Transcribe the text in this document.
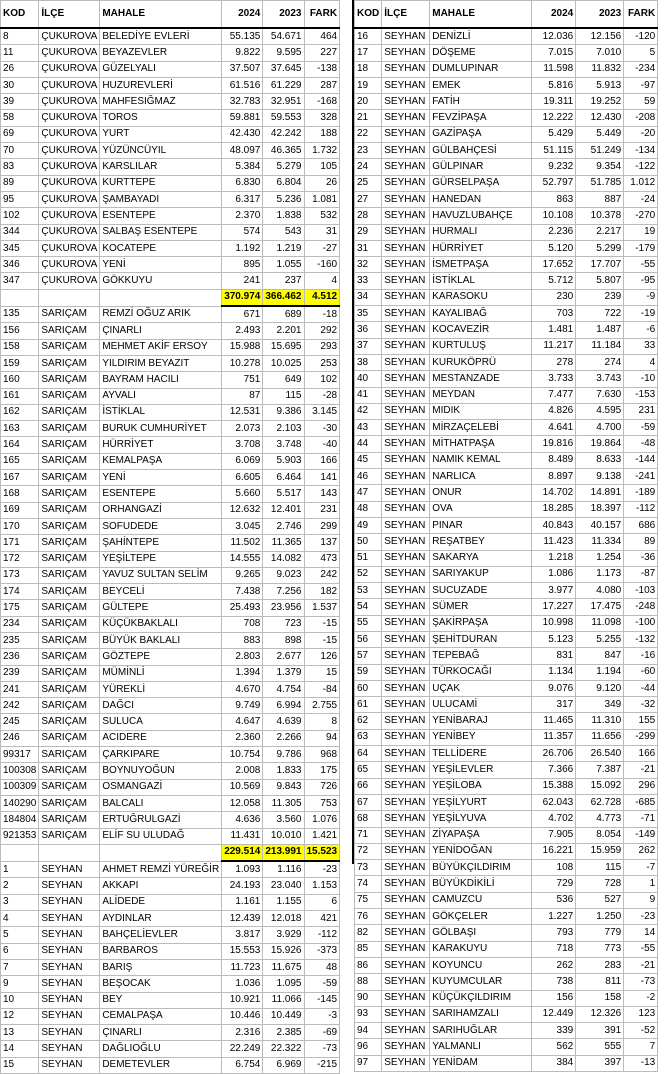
KOD	İLÇE	MAHALE	2024	2023	FARK
8	ÇUKUROVA	BELEDİYE EVLERİ	55.135	54.671	464
11	ÇUKUROVA	BEYAZEVLER	9.822	9.595	227
26	ÇUKUROVA	GÜZELYALI	37.507	37.645	-138
30	ÇUKUROVA	HUZUREVLERİ	61.516	61.229	287
39	ÇUKUROVA	MAHFESIĞMAZ	32.783	32.951	-168
58	ÇUKUROVA	TOROS	59.881	59.553	328
69	ÇUKUROVA	YURT	42.430	42.242	188
70	ÇUKUROVA	YÜZÜNCÜYIL	48.097	46.365	1.732
83	ÇUKUROVA	KARSLILAR	5.384	5.279	105
89	ÇUKUROVA	KURTTEPE	6.830	6.804	26
95	ÇUKUROVA	ŞAMBAYADI	6.317	5.236	1.081
102	ÇUKUROVA	ESENTEPE	2.370	1.838	532
344	ÇUKUROVA	SALBAŞ ESENTEPE	574	543	31
345	ÇUKUROVA	KOCATEPE	1.192	1.219	-27
346	ÇUKUROVA	YENİ	895	1.055	-160
347	ÇUKUROVA	GÖKKUYU	241	237	4
			370.974	366.462	4.512
135	SARIÇAM	REMZİ OĞUZ ARIK	671	689	-18
156	SARIÇAM	ÇINARLI	2.493	2.201	292
158	SARIÇAM	MEHMET AKİF ERSOY	15.988	15.695	293
159	SARIÇAM	YILDIRIM BEYAZIT	10.278	10.025	253
160	SARIÇAM	BAYRAM HACILI	751	649	102
161	SARIÇAM	AYVALI	87	115	-28
162	SARIÇAM	İSTİKLAL	12.531	9.386	3.145
163	SARIÇAM	BURUK CUMHURİYET	2.073	2.103	-30
164	SARIÇAM	HÜRRİYET	3.708	3.748	-40
165	SARIÇAM	KEMALPAŞA	6.069	5.903	166
167	SARIÇAM	YENİ	6.605	6.464	141
168	SARIÇAM	ESENTEPE	5.660	5.517	143
169	SARIÇAM	ORHANGAZİ	12.632	12.401	231
170	SARIÇAM	SOFUDEDE	3.045	2.746	299
171	SARIÇAM	ŞAHİNTEPE	11.502	11.365	137
172	SARIÇAM	YEŞİLTEPE	14.555	14.082	473
173	SARIÇAM	YAVUZ SULTAN SELİM	9.265	9.023	242
174	SARIÇAM	BEYCELİ	7.438	7.256	182
175	SARIÇAM	GÜLTEPE	25.493	23.956	1.537
234	SARIÇAM	KÜÇÜKBAKLALI	708	723	-15
235	SARIÇAM	BÜYÜK BAKLALI	883	898	-15
236	SARIÇAM	GÖZTEPE	2.803	2.677	126
239	SARIÇAM	MÜMİNLİ	1.394	1.379	15
241	SARIÇAM	YÜREKLİ	4.670	4.754	-84
242	SARIÇAM	DAĞCI	9.749	6.994	2.755
245	SARIÇAM	SULUCA	4.647	4.639	8
246	SARIÇAM	ACIDERE	2.360	2.266	94
99317	SARIÇAM	ÇARKIPARE	10.754	9.786	968
100308	SARIÇAM	BOYNUYOĞUN	2.008	1.833	175
100309	SARIÇAM	OSMANGAZİ	10.569	9.843	726
140290	SARIÇAM	BALCALI	12.058	11.305	753
184804	SARIÇAM	ERTUĞRULGAZİ	4.636	3.560	1.076
921353	SARIÇAM	ELİF SU ULUDAĞ	11.431	10.010	1.421
			229.514	213.991	15.523
1	SEYHAN	AHMET REMZİ YÜREĞİR	1.093	1.116	-23
2	SEYHAN	AKKAPI	24.193	23.040	1.153
3	SEYHAN	ALİDEDE	1.161	1.155	6
4	SEYHAN	AYDINLAR	12.439	12.018	421
5	SEYHAN	BAHÇELİEVLER	3.817	3.929	-112
6	SEYHAN	BARBAROS	15.553	15.926	-373
7	SEYHAN	BARIŞ	11.723	11.675	48
9	SEYHAN	BEŞOCAK	1.036	1.095	-59
10	SEYHAN	BEY	10.921	11.066	-145
12	SEYHAN	CEMALPAŞA	10.446	10.449	-3
13	SEYHAN	ÇINARLI	2.316	2.385	-69
14	SEYHAN	DAĞLIOĞLU	22.249	22.322	-73
15	SEYHAN	DEMETEVLER	6.754	6.969	-215
KOD	İLÇE	MAHALE	2024	2023	FARK
16	SEYHAN	DENİZLİ	12.036	12.156	-120
17	SEYHAN	DÖŞEME	7.015	7.010	5
18	SEYHAN	DUMLUPINAR	11.598	11.832	-234
19	SEYHAN	EMEK	5.816	5.913	-97
20	SEYHAN	FATİH	19.311	19.252	59
21	SEYHAN	FEVZİPAŞA	12.222	12.430	-208
22	SEYHAN	GAZİPAŞA	5.429	5.449	-20
23	SEYHAN	GÜLBAHÇESİ	51.115	51.249	-134
24	SEYHAN	GÜLPINAR	9.232	9.354	-122
25	SEYHAN	GÜRSELPAŞA	52.797	51.785	1.012
27	SEYHAN	HANEDAN	863	887	-24
28	SEYHAN	HAVUZLUBAHÇE	10.108	10.378	-270
29	SEYHAN	HURMALI	2.236	2.217	19
31	SEYHAN	HÜRRİYET	5.120	5.299	-179
32	SEYHAN	İSMETPAŞA	17.652	17.707	-55
33	SEYHAN	İSTİKLAL	5.712	5.807	-95
34	SEYHAN	KARASOKU	230	239	-9
35	SEYHAN	KAYALIBAĞ	703	722	-19
36	SEYHAN	KOCAVEZİR	1.481	1.487	-6
37	SEYHAN	KURTULUŞ	11.217	11.184	33
38	SEYHAN	KURUKÖPRÜ	278	274	4
40	SEYHAN	MESTANZADE	3.733	3.743	-10
41	SEYHAN	MEYDAN	7.477	7.630	-153
42	SEYHAN	MIDIK	4.826	4.595	231
43	SEYHAN	MİRZAÇELEBİ	4.641	4.700	-59
44	SEYHAN	MİTHATPAŞA	19.816	19.864	-48
45	SEYHAN	NAMIK KEMAL	8.489	8.633	-144
46	SEYHAN	NARLICA	8.897	9.138	-241
47	SEYHAN	ONUR	14.702	14.891	-189
48	SEYHAN	OVA	18.285	18.397	-112
49	SEYHAN	PINAR	40.843	40.157	686
50	SEYHAN	REŞATBEY	11.423	11.334	89
51	SEYHAN	SAKARYA	1.218	1.254	-36
52	SEYHAN	SARIYAKUP	1.086	1.173	-87
53	SEYHAN	SUCUZADE	3.977	4.080	-103
54	SEYHAN	SÜMER	17.227	17.475	-248
55	SEYHAN	ŞAKİRPAŞA	10.998	11.098	-100
56	SEYHAN	ŞEHİTDURAN	5.123	5.255	-132
57	SEYHAN	TEPEBAĞ	831	847	-16
59	SEYHAN	TÜRKOCAĞI	1.134	1.194	-60
60	SEYHAN	UÇAK	9.076	9.120	-44
61	SEYHAN	ULUCAMİ	317	349	-32
62	SEYHAN	YENİBARAJ	11.465	11.310	155
63	SEYHAN	YENİBEY	11.357	11.656	-299
64	SEYHAN	TELLİDERE	26.706	26.540	166
65	SEYHAN	YEŞİLEVLER	7.366	7.387	-21
66	SEYHAN	YEŞİLOBA	15.388	15.092	296
67	SEYHAN	YEŞİLYURT	62.043	62.728	-685
68	SEYHAN	YEŞİLYUVA	4.702	4.773	-71
71	SEYHAN	ZİYAPAŞA	7.905	8.054	-149
72	SEYHAN	YENİDOĞAN	16.221	15.959	262
73	SEYHAN	BÜYÜKÇILDIRIM	108	115	-7
74	SEYHAN	BÜYÜKDİKİLİ	729	728	1
75	SEYHAN	CAMUZCU	536	527	9
76	SEYHAN	GÖKÇELER	1.227	1.250	-23
82	SEYHAN	GÖLBAŞI	793	779	14
85	SEYHAN	KARAKUYU	718	773	-55
86	SEYHAN	KOYUNCU	262	283	-21
88	SEYHAN	KUYUMCULAR	738	811	-73
90	SEYHAN	KÜÇÜKÇILDIRIM	156	158	-2
93	SEYHAN	SARIHAMZALI	12.449	12.326	123
94	SEYHAN	SARIHUĞLAR	339	391	-52
96	SEYHAN	YALMANLI	562	555	7
97	SEYHAN	YENİDAM	384	397	-13
